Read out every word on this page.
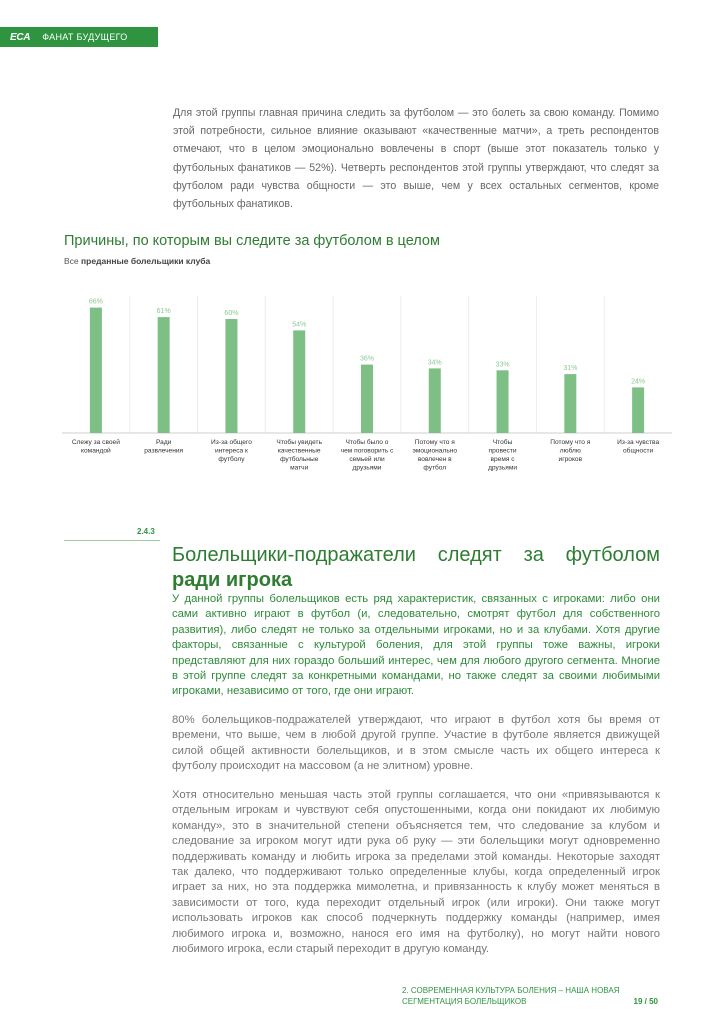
ECA ФАНАТ БУДУЩЕГО

Для этой группы главная причина следить за футболом — это болеть за свою команду. Помимо этой потребности, сильное влияние оказывают «качественные матчи», а треть респондентов отмечают, что в целом эмоционально вовлечены в спорт (выше этот показатель только у футбольных фанатиков — 52%). Четверть респондентов этой группы утверждают, что следят за футболом ради чувства общности — это выше, чем у всех остальных сегментов, кроме футбольных фанатиков.

Причины, по которым вы следите за футболом в целом
Все преданные болельщики клуба
66%
Слежу за своей
командой
61%
Ради
развлечения
60%
Из-за общего
интереса к
футболу
54%
Чтобы увидеть
качественные
футбольные
матчи
36%
Чтобы было о
чем поговорить с
семьей или
друзьями
34%
Потому что я
эмоционально
вовлечен в
футбол
33%
Чтобы
провести
время с
друзьями
31%
Потому что я
люблю
игроков
24%
Из-за чувства
общности
2.4.3
Болельщики-подражатели следят за футболом
ради игрока

У данной группы болельщиков есть ряд характеристик, связанных с игроками: либо они сами активно играют в футбол (и, следовательно, смотрят футбол для собственного развития), либо следят не только за отдельными игроками, но и за клубами. Хотя другие факторы, связанные с культурой боления, для этой группы тоже важны, игроки представляют для них гораздо больший интерес, чем для любого другого сегмента. Многие в этой группе следят за конкретными командами, но также следят за своими любимыми игроками, независимо от того, где они играют.

80% болельщиков-подражателей утверждают, что играют в футбол хотя бы время от времени, что выше, чем в любой другой группе. Участие в футболе является движущей силой общей активности болельщиков, и в этом смысле часть их общего интереса к футболу происходит на массовом (а не элитном) уровне.

Хотя относительно меньшая часть этой группы соглашается, что они «привязываются к отдельным игрокам и чувствуют себя опустошенными, когда они покидают их любимую команду», это в значительной степени объясняется тем, что следование за клубом и следование за игроком могут идти рука об руку — эти болельщики могут одновременно поддерживать команду и любить игрока за пределами этой команды. Некоторые заходят так далеко, что поддерживают только определенные клубы, когда определенный игрок играет за них, но эта поддержка мимолетна, и привязанность к клубу может меняться в зависимости от того, куда переходит отдельный игрок (или игроки). Они также могут использовать игроков как способ подчеркнуть поддержку команды (например, имея любимого игрока и, возможно, нанося его имя на футболку), но могут найти нового любимого игрока, если старый переходит в другую команду.

2. СОВРЕМЕННАЯ КУЛЬТУРА БОЛЕНИЯ – НАША НОВАЯ
СЕГМЕНТАЦИЯ БОЛЕЛЬЩИКОВ	19 / 50
